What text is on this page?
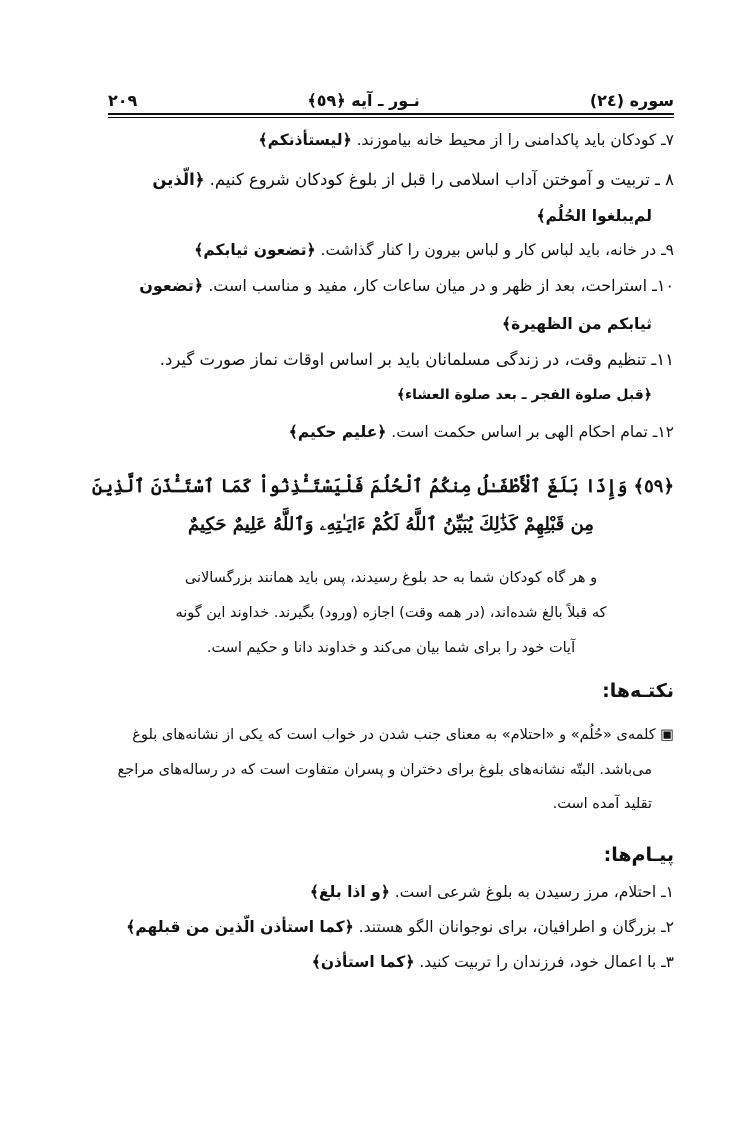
سوره (٢٤)
نـور ـ آیه ﴿٥٩﴾
٢٠٩
٧ـ کودکان باید پاکدامنی را از محیط خانه بیاموزند. ﴿لیستأذنکم﴾
٨ ـ تربیت و آموختن آداب اسلامی را قبل از بلوغ کودکان شروع کنیم. ﴿الّذین
لم‌یبلغوا الحُلُم﴾
٩ـ در خانه، باید لباس کار و لباس بیرون را کنار گذاشت. ﴿تضعون ثیابکم﴾
١٠ـ استراحت، بعد از ظهر و در میان ساعات کار، مفید و مناسب است. ﴿تضعون
ثیابکم من الظهیرة﴾
١١ـ تنظیم وقت، در زندگی مسلمانان باید بر اساس اوقات نماز صورت گیرد.
﴿قبل صلوة الفجر ـ بعد صلوة العشاء﴾
١٢ـ تمام احکام الهی بر اساس حکمت است. ﴿علیم حکیم﴾
﴿٥٩﴾ وَإِذَا بَلَغَ ٱلْأَطْفَـٰلُ مِنكُمُ ٱلْحُلُمَ فَلْيَسْتَـْٔذِنُواْ كَمَا ٱسْتَـْٔذَنَ ٱلَّذِينَ
مِن قَبْلِهِمْ كَذَٰلِكَ يُبَيِّنُ ٱللَّهُ لَكُمْ ءَايَـٰتِهِۦ وَٱللَّهُ عَلِيمٌ حَكِيمٌ
و هر گاه کودکان شما به حد بلوغ رسیدند، پس باید همانند بزرگسالانی
که قبلاً بالغ شده‌اند، (در همه وقت) اجازه (ورود) بگیرند. خداوند این گونه
آیات خود را برای شما بیان می‌کند و خداوند دانا و حکیم است.
نکتـه‌ها:
▣ کلمه‌ی «حُلُم» و «احتلام» به معنای جنب شدن در خواب است که یکی از نشانه‌های بلوغ
می‌باشد. البتّه نشانه‌های بلوغ برای دختران و پسران متفاوت است که در رساله‌های مراجع
تقلید آمده است.
پیـام‌ها:
١ـ احتلام، مرز رسیدن به بلوغ شرعی است. ﴿و اذا بلغ﴾
٢ـ بزرگان و اطرافیان، برای نوجوانان الگو هستند. ﴿کما استأذن الّذین من قبلهم﴾
٣ـ با اعمال خود، فرزندان را تربیت کنید. ﴿کما استأذن﴾
